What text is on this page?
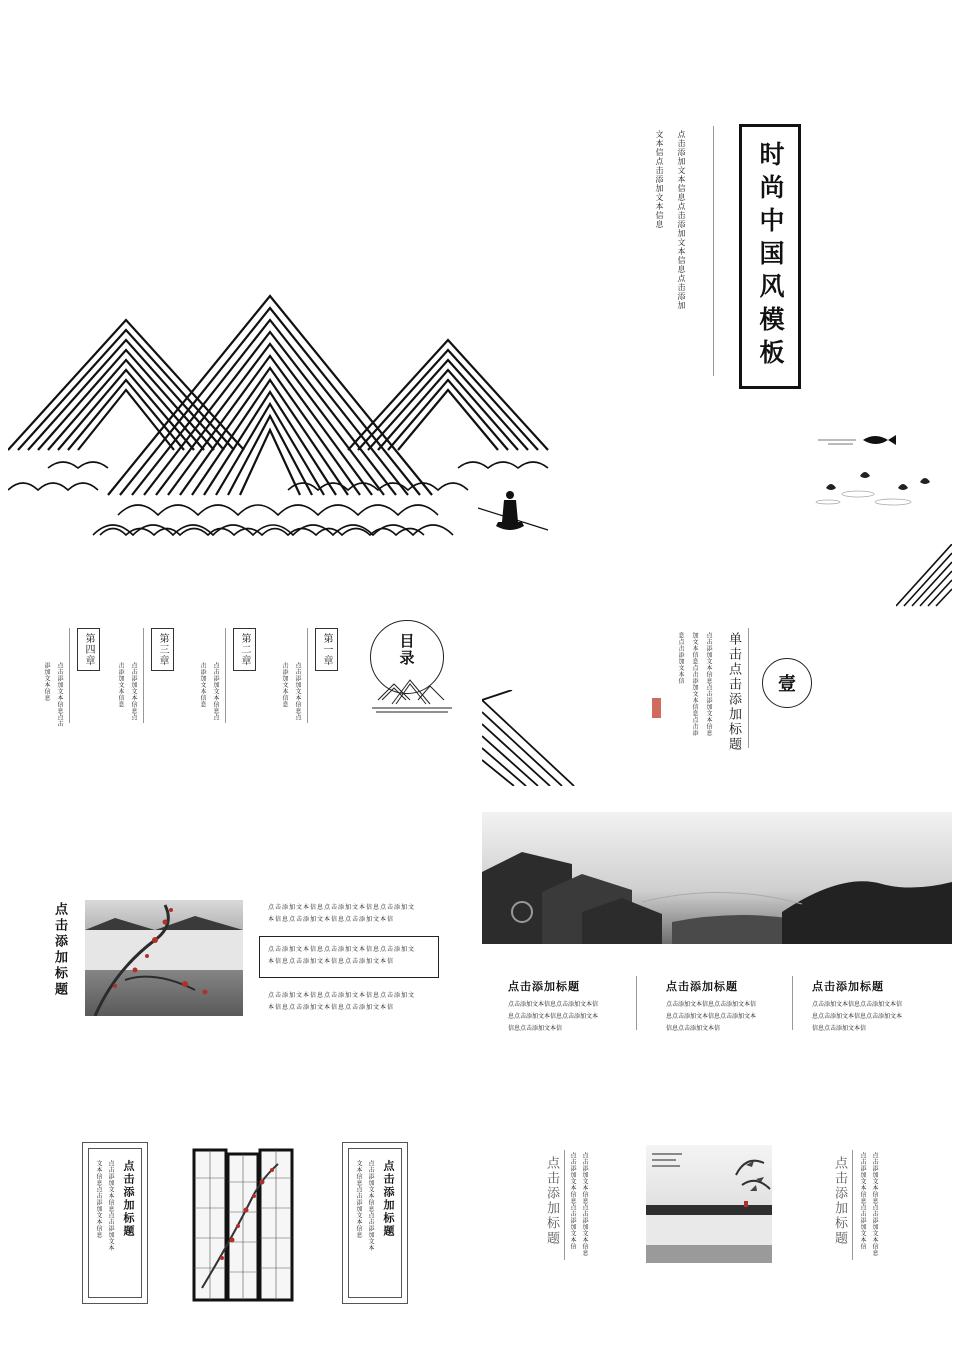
点击添加文本信息点击添加文本信息点击添加
文本信点击添加文本信息	时尚中国风模板
目录
第一章
点击添加文本信息点
击添加文本信息
第二章
点击添加文本信息点
击添加文本信息
第三章
点击添加文本信息点
击添加文本信息
第四章
点击添加文本信息点击
添加文本信息	壹
单击点击添加标题
点击添加文本信息点击添加文本信息
加文本信息点击添加文本信息点击添
息点击添加文本信
点击添加标题	点击添加文本信息点击添加文本信息点击添加文
本信息点击添加文本信息点击添加文本信
点击添加文本信息点击添加文本信息点击添加文
本信息点击添加文本信息点击添加文本信
点击添加文本信息点击添加文本信息点击添加文
本信息点击添加文本信息点击添加文本信
点击添加标题
点击添加文本信息点击添加文本信
息点击添加文本信息点击添加文本
信息点击添加文本信
点击添加标题
点击添加文本信息点击添加文本信
息点击添加文本信息点击添加文本
信息点击添加文本信
点击添加标题
点击添加文本信息点击添加文本信
息点击添加文本信息点击添加文本
信息点击添加文本信
点击添加标题
点击添加文本信息点击添加文本
文本信息点击添加文本信息	点击添加标题
点击添加文本信息点击添加文本
文本信息点击添加文本信息	点击添加标题	点击添加文本信息点击添加文本信息
点击添加文本信息点击添加文本信	点击添加标题	点击添加文本信息点击添加文本信息
点击添加文本信息点击添加文本信
